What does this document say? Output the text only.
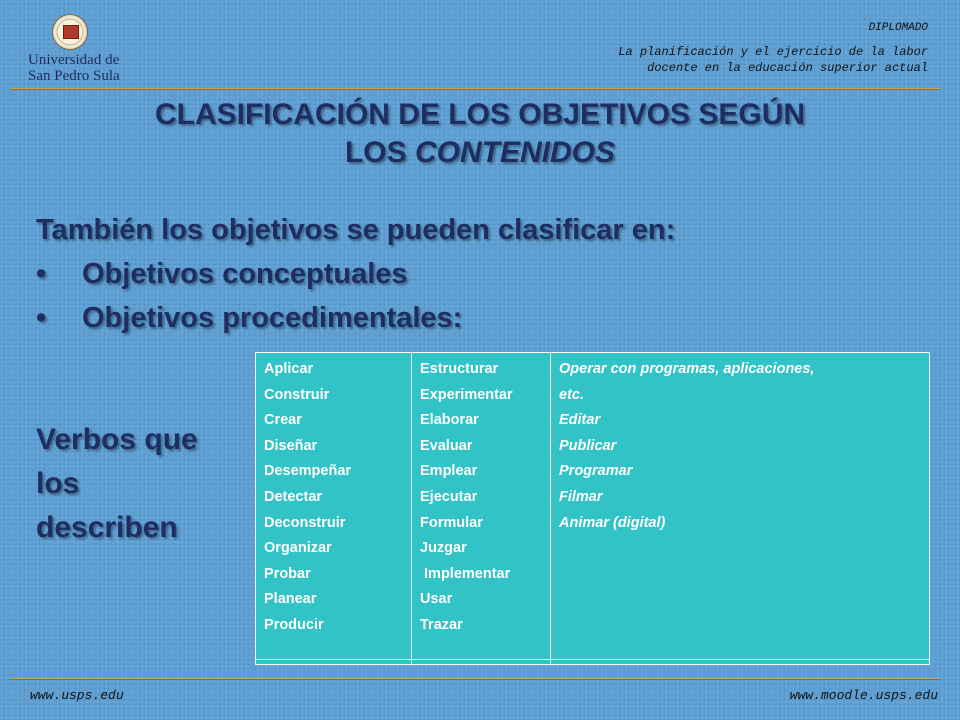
Universidad de
San Pedro Sula
DIPLOMADO
La planificación y el ejercicio de la labor
docente en la educación superior actual
CLASIFICACIÓN DE LOS OBJETIVOS SEGÚN
LOS CONTENIDOS
También los objetivos se pueden clasificar en:
• Objetivos conceptuales
• Objetivos procedimentales:
Verbos que
los
describen
Aplicar
Construir
Crear
Diseñar
Desempeñar
Detectar
Deconstruir
Organizar
Probar
Planear
Producir
Estructurar
Experimentar
Elaborar
Evaluar
Emplear
Ejecutar
Formular
Juzgar
Implementar
Usar
Trazar
Operar con programas, aplicaciones,
etc.
Editar
Publicar
Programar
Filmar
Animar (digital)
www.usps.edu	www.moodle.usps.edu
